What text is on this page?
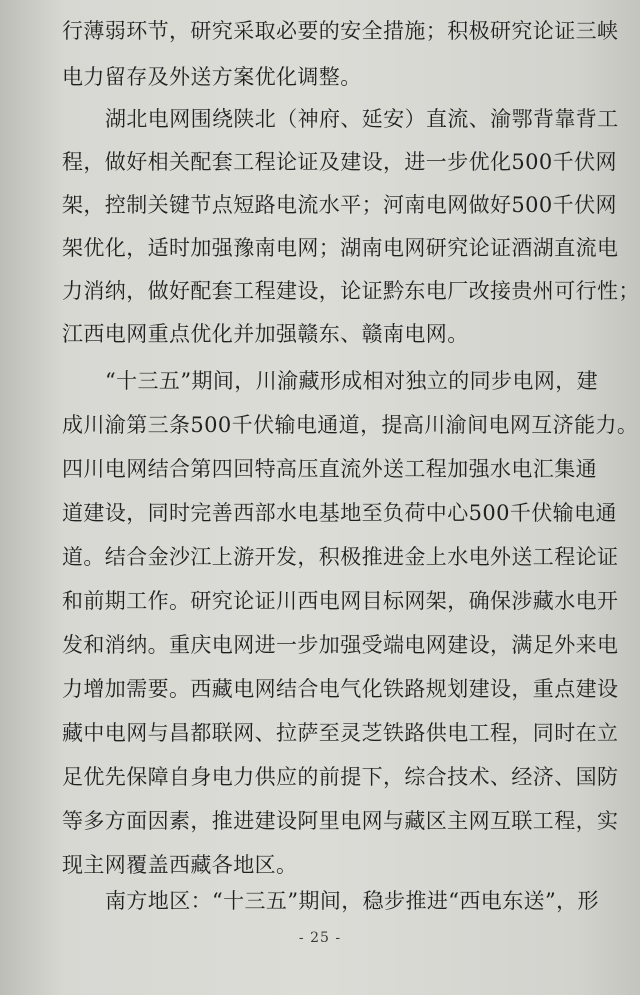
行薄弱环节，研究采取必要的安全措施；积极研究论证三峡
电力留存及外送方案优化调整。
湖北电网围绕陕北（神府、延安）直流、渝鄂背靠背工
程，做好相关配套工程论证及建设，进一步优化500千伏网
架，控制关键节点短路电流水平；河南电网做好500千伏网
架优化，适时加强豫南电网；湖南电网研究论证酒湖直流电
力消纳，做好配套工程建设，论证黔东电厂改接贵州可行性；
江西电网重点优化并加强赣东、赣南电网。
“十三五”期间，川渝藏形成相对独立的同步电网，建
成川渝第三条500千伏输电通道，提高川渝间电网互济能力。
四川电网结合第四回特高压直流外送工程加强水电汇集通
道建设，同时完善西部水电基地至负荷中心500千伏输电通
道。结合金沙江上游开发，积极推进金上水电外送工程论证
和前期工作。研究论证川西电网目标网架，确保涉藏水电开
发和消纳。重庆电网进一步加强受端电网建设，满足外来电
力增加需要。西藏电网结合电气化铁路规划建设，重点建设
藏中电网与昌都联网、拉萨至灵芝铁路供电工程，同时在立
足优先保障自身电力供应的前提下，综合技术、经济、国防
等多方面因素，推进建设阿里电网与藏区主网互联工程，实
现主网覆盖西藏各地区。
南方地区：“十三五”期间，稳步推进“西电东送”，形
- 25 -
